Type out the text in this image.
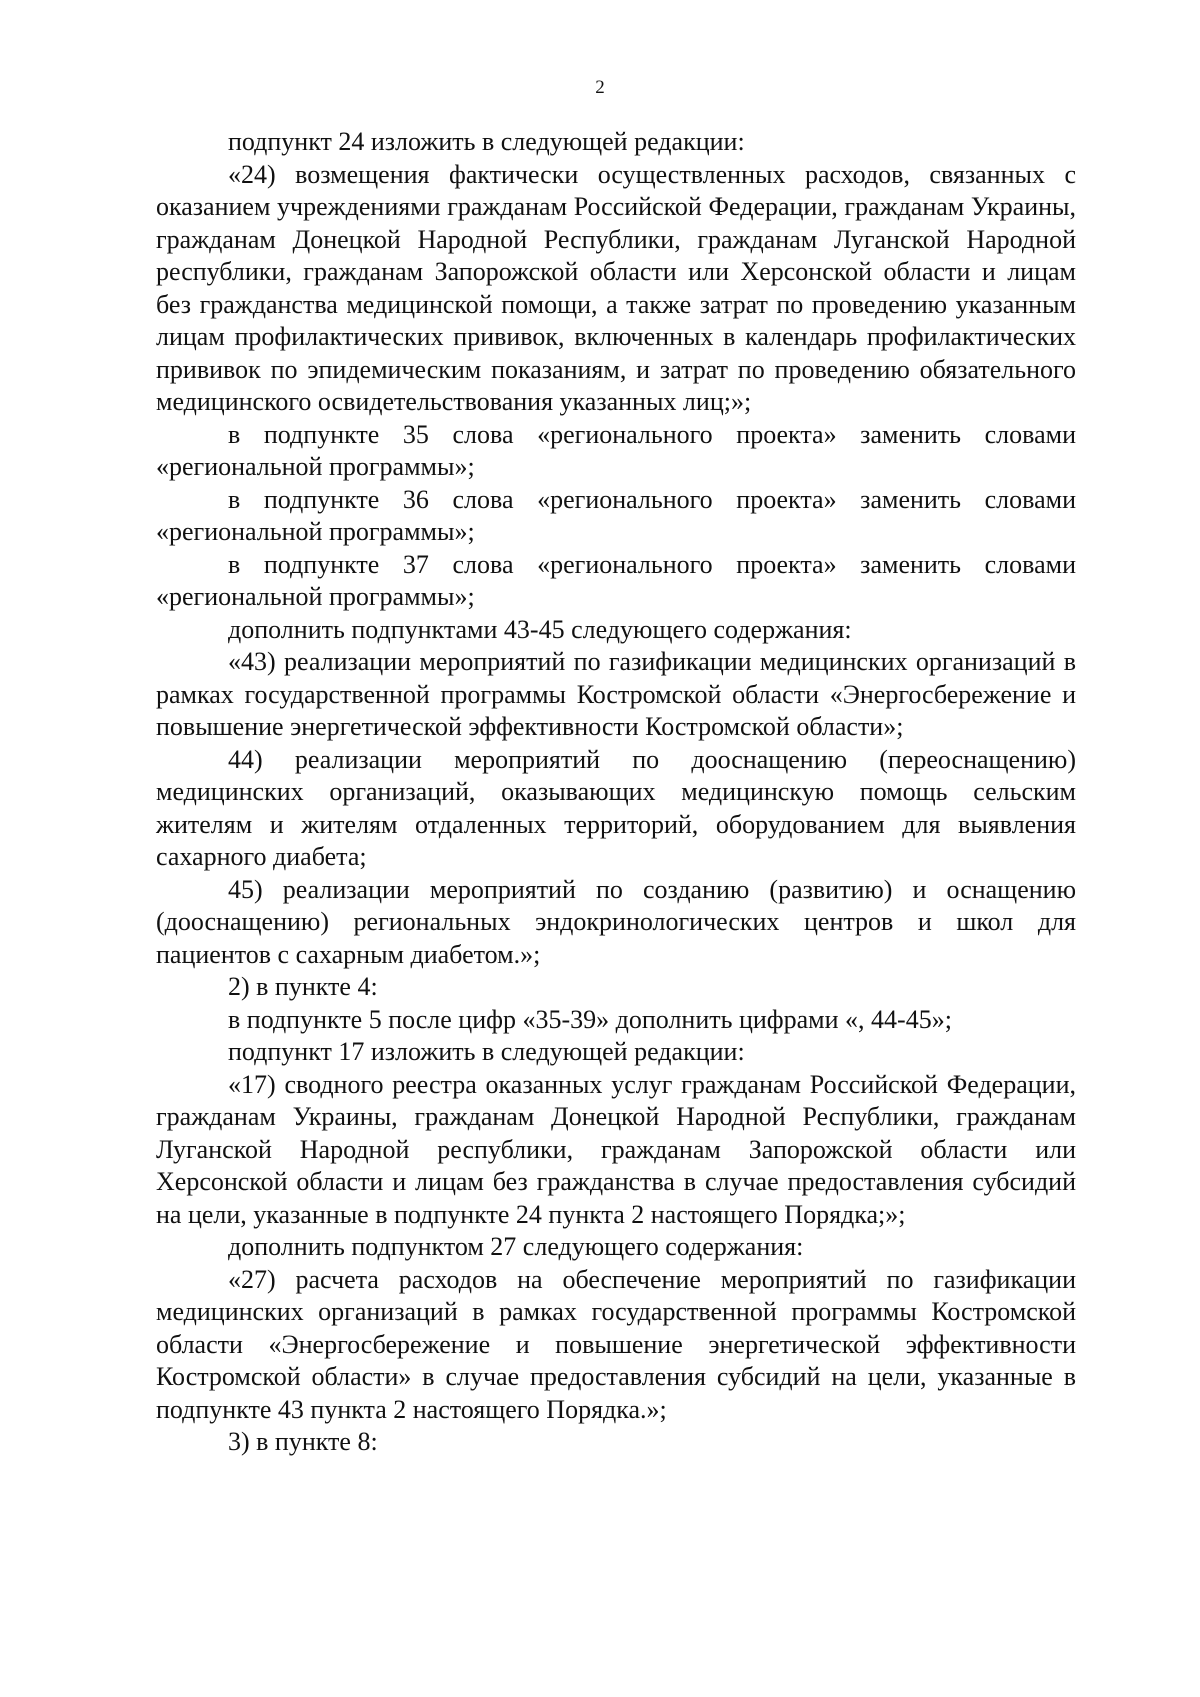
2

подпункт 24 изложить в следующей редакции:

«24) возмещения фактически осуществленных расходов, связанных с оказанием учреждениями гражданам Российской Федерации, гражданам Украины, гражданам Донецкой Народной Республики, гражданам Луганской Народной республики, гражданам Запорожской области или Херсонской области и лицам без гражданства медицинской помощи, а также затрат по проведению указанным лицам профилактических прививок, включенных в календарь профилактических прививок по эпидемическим показаниям, и затрат по проведению обязательного медицинского освидетельствования указанных лиц;»;

в подпункте 35 слова «регионального проекта» заменить словами «региональной программы»;

в подпункте 36 слова «регионального проекта» заменить словами «региональной программы»;

в подпункте 37 слова «регионального проекта» заменить словами «региональной программы»;

дополнить подпунктами 43-45 следующего содержания:

«43) реализации мероприятий по газификации медицинских организаций в рамках государственной программы Костромской области «Энергосбережение и повышение энергетической эффективности Костромской области»;

44) реализации мероприятий по дооснащению (переоснащению) медицинских организаций, оказывающих медицинскую помощь сельским жителям и жителям отдаленных территорий, оборудованием для выявления сахарного диабета;

45) реализации мероприятий по созданию (развитию) и оснащению (дооснащению) региональных эндокринологических центров и школ для пациентов с сахарным диабетом.»;

2) в пункте 4:

в подпункте 5 после цифр «35-39» дополнить цифрами «, 44-45»;

подпункт 17 изложить в следующей редакции:

«17) сводного реестра оказанных услуг гражданам Российской Федерации, гражданам Украины, гражданам Донецкой Народной Республики, гражданам Луганской Народной республики, гражданам Запорожской области или Херсонской области и лицам без гражданства в случае предоставления субсидий на цели, указанные в подпункте 24 пункта 2 настоящего Порядка;»;

дополнить подпунктом 27 следующего содержания:

«27) расчета расходов на обеспечение мероприятий по газификации медицинских организаций в рамках государственной программы Костромской области «Энергосбережение и повышение энергетической эффективности Костромской области» в случае предоставления субсидий на цели, указанные в подпункте 43 пункта 2 настоящего Порядка.»;

3) в пункте 8:
